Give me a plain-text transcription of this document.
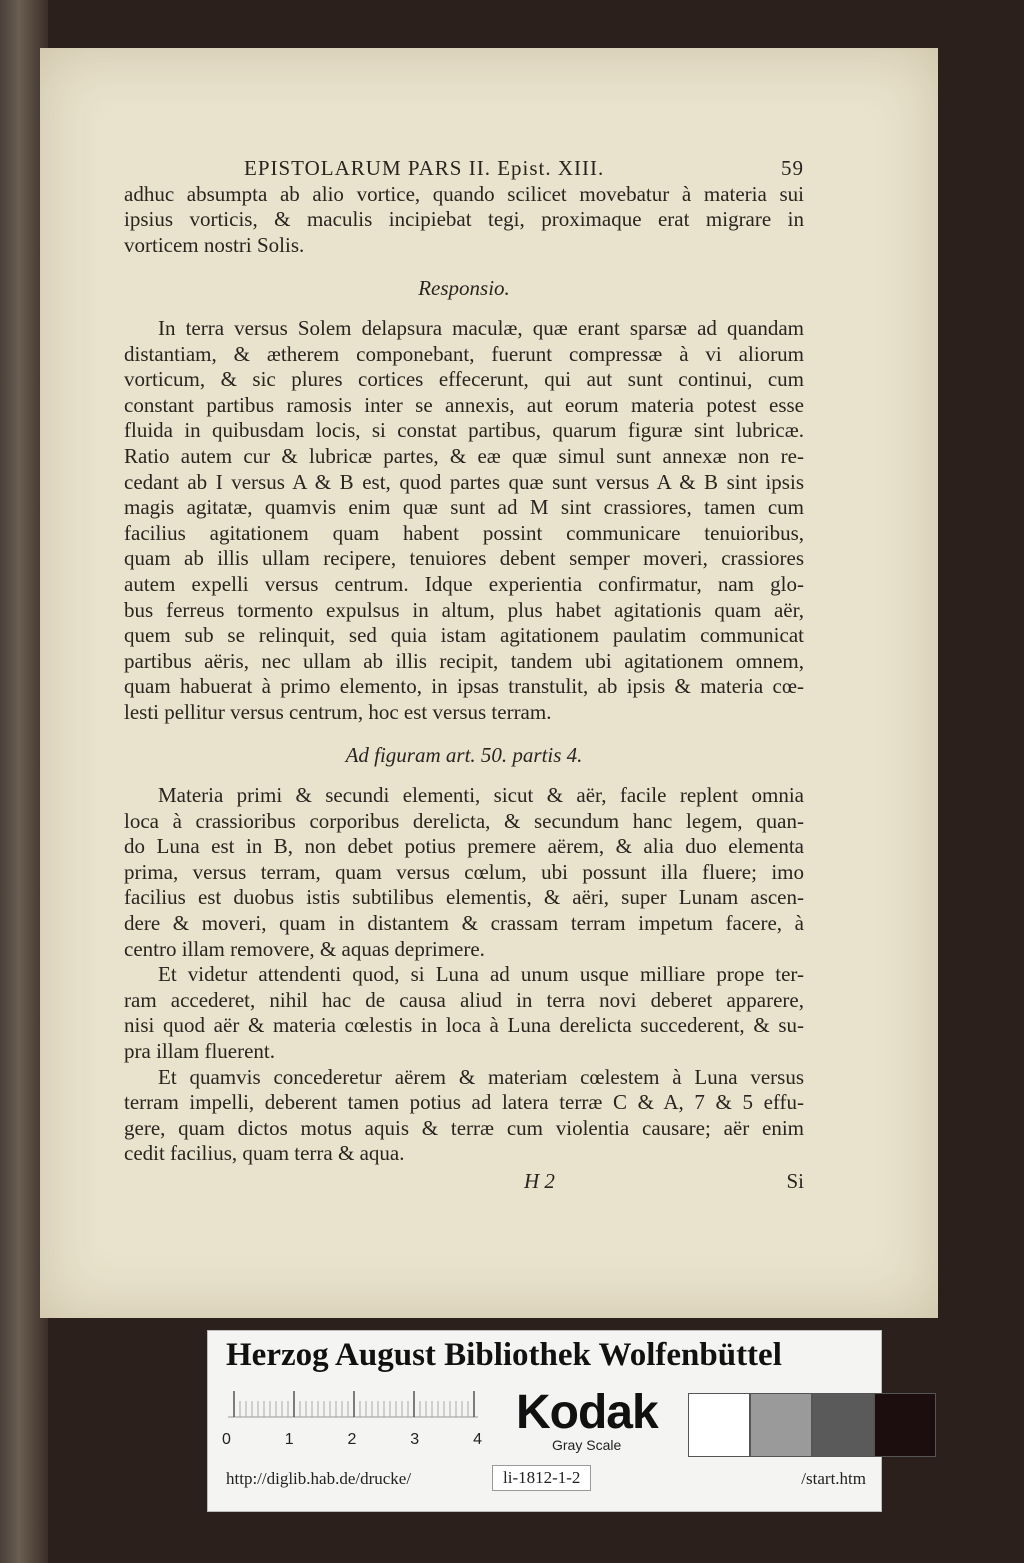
EPISTOLARUM PARS II. Epist. XIII.	59
adhuc absumpta ab alio vortice, quando scilicet movebatur à materia sui
ipsius vorticis, & maculis incipiebat tegi, proximaque erat migrare in
vorticem nostri Solis.
Responsio.
In terra versus Solem delapsura maculæ, quæ erant sparsæ ad quandam
distantiam, & ætherem componebant, fuerunt compressæ à vi aliorum
vorticum, & sic plures cortices effecerunt, qui aut sunt continui, cum
constant partibus ramosis inter se annexis, aut eorum materia potest esse
fluida in quibusdam locis, si constat partibus, quarum figuræ sint lubricæ.
Ratio autem cur & lubricæ partes, & eæ quæ simul sunt annexæ non re-
cedant ab I versus A & B est, quod partes quæ sunt versus A & B sint ipsis
magis agitatæ, quamvis enim quæ sunt ad M sint crassiores, tamen cum
facilius agitationem quam habent possint communicare tenuioribus,
quam ab illis ullam recipere, tenuiores debent semper moveri, crassiores
autem expelli versus centrum. Idque experientia confirmatur, nam glo-
bus ferreus tormento expulsus in altum, plus habet agitationis quam aër,
quem sub se relinquit, sed quia istam agitationem paulatim communicat
partibus aëris, nec ullam ab illis recipit, tandem ubi agitationem omnem,
quam habuerat à primo elemento, in ipsas transtulit, ab ipsis & materia cœ-
lesti pellitur versus centrum, hoc est versus terram.
Ad figuram art. 50. partis 4.
Materia primi & secundi elementi, sicut & aër, facile replent omnia
loca à crassioribus corporibus derelicta, & secundum hanc legem, quan-
do Luna est in B, non debet potius premere aërem, & alia duo elementa
prima, versus terram, quam versus cœlum, ubi possunt illa fluere; imo
facilius est duobus istis subtilibus elementis, & aëri, super Lunam ascen-
dere & moveri, quam in distantem & crassam terram impetum facere, à
centro illam removere, & aquas deprimere.
Et videtur attendenti quod, si Luna ad unum usque milliare prope ter-
ram accederet, nihil hac de causa aliud in terra novi deberet apparere,
nisi quod aër & materia cœlestis in loca à Luna derelicta succederent, & su-
pra illam fluerent.
Et quamvis concederetur aërem & materiam cœlestem à Luna versus
terram impelli, deberent tamen potius ad latera terræ C & A, 7 & 5 effu-
gere, quam dictos motus aquis & terræ cum violentia causare; aër enim
cedit facilius, quam terra & aqua.
H 2	Si
Herzog August Bibliothek Wolfenbüttel
0	1	2	3	4
Kodak
Gray Scale
http://diglib.hab.de/drucke/	li-1812-1-2	/start.htm
